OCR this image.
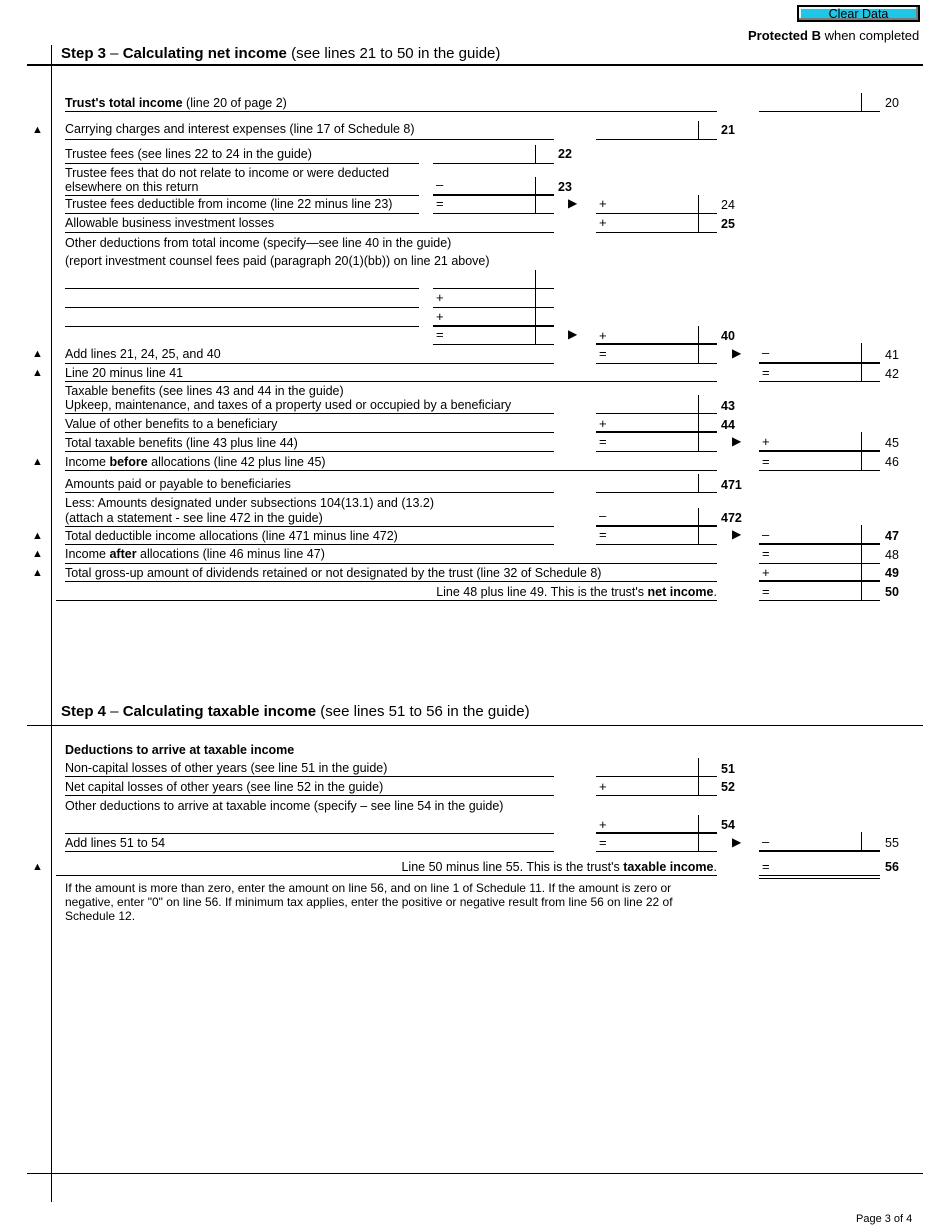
Clear Data
Protected B when completed
Step 3 – Calculating net income (see lines 21 to 50 in the guide)
Trust's total income (line 20 of page 2)	20
▲ Carrying charges and interest expenses (line 17 of Schedule 8)	21
Trustee fees (see lines 22 to 24 in the guide)	22
Trustee fees that do not relate to income or were deducted
elsewhere on this return	–	23
Trustee fees deductible from income (line 22 minus line 23)	=	▶ +	24
Allowable business investment losses	+	25
Other deductions from total income (specify—see line 40 in the guide)
(report investment counsel fees paid (paragraph 20(1)(bb)) on line 21 above)
+
+
=	▶ +	40
▲ Add lines 21, 24, 25, and 40	=	▶ –	41
▲ Line 20 minus line 41	=	42
Taxable benefits (see lines 43 and 44 in the guide)
Upkeep, maintenance, and taxes of a property used or occupied by a beneficiary	43
Value of other benefits to a beneficiary	+	44
Total taxable benefits (line 43 plus line 44)	=	▶ +	45
▲ Income before allocations (line 42 plus line 45)	=	46
Amounts paid or payable to beneficiaries	471
Less: Amounts designated under subsections 104(13.1) and (13.2)
(attach a statement - see line 472 in the guide)	–	472
▲ Total deductible income allocations (line 471 minus line 472)	=	▶ –	47
▲ Income after allocations (line 46 minus line 47)	=	48
▲ Total gross-up amount of dividends retained or not designated by the trust (line 32 of Schedule 8)	+	49
Line 48 plus line 49. This is the trust's net income.	=	50
Step 4 – Calculating taxable income (see lines 51 to 56 in the guide)
Deductions to arrive at taxable income
Non-capital losses of other years (see line 51 in the guide)	51
Net capital losses of other years (see line 52 in the guide)	+	52
Other deductions to arrive at taxable income (specify – see line 54 in the guide)
+	54
Add lines 51 to 54	=	▶ –	55
▲	Line 50 minus line 55. This is the trust's taxable income.	=	56
If the amount is more than zero, enter the amount on line 56, and on line 1 of Schedule 11. If the amount is zero or
negative, enter "0" on line 56. If minimum tax applies, enter the positive or negative result from line 56 on line 22 of
Schedule 12.
Page 3 of 4
